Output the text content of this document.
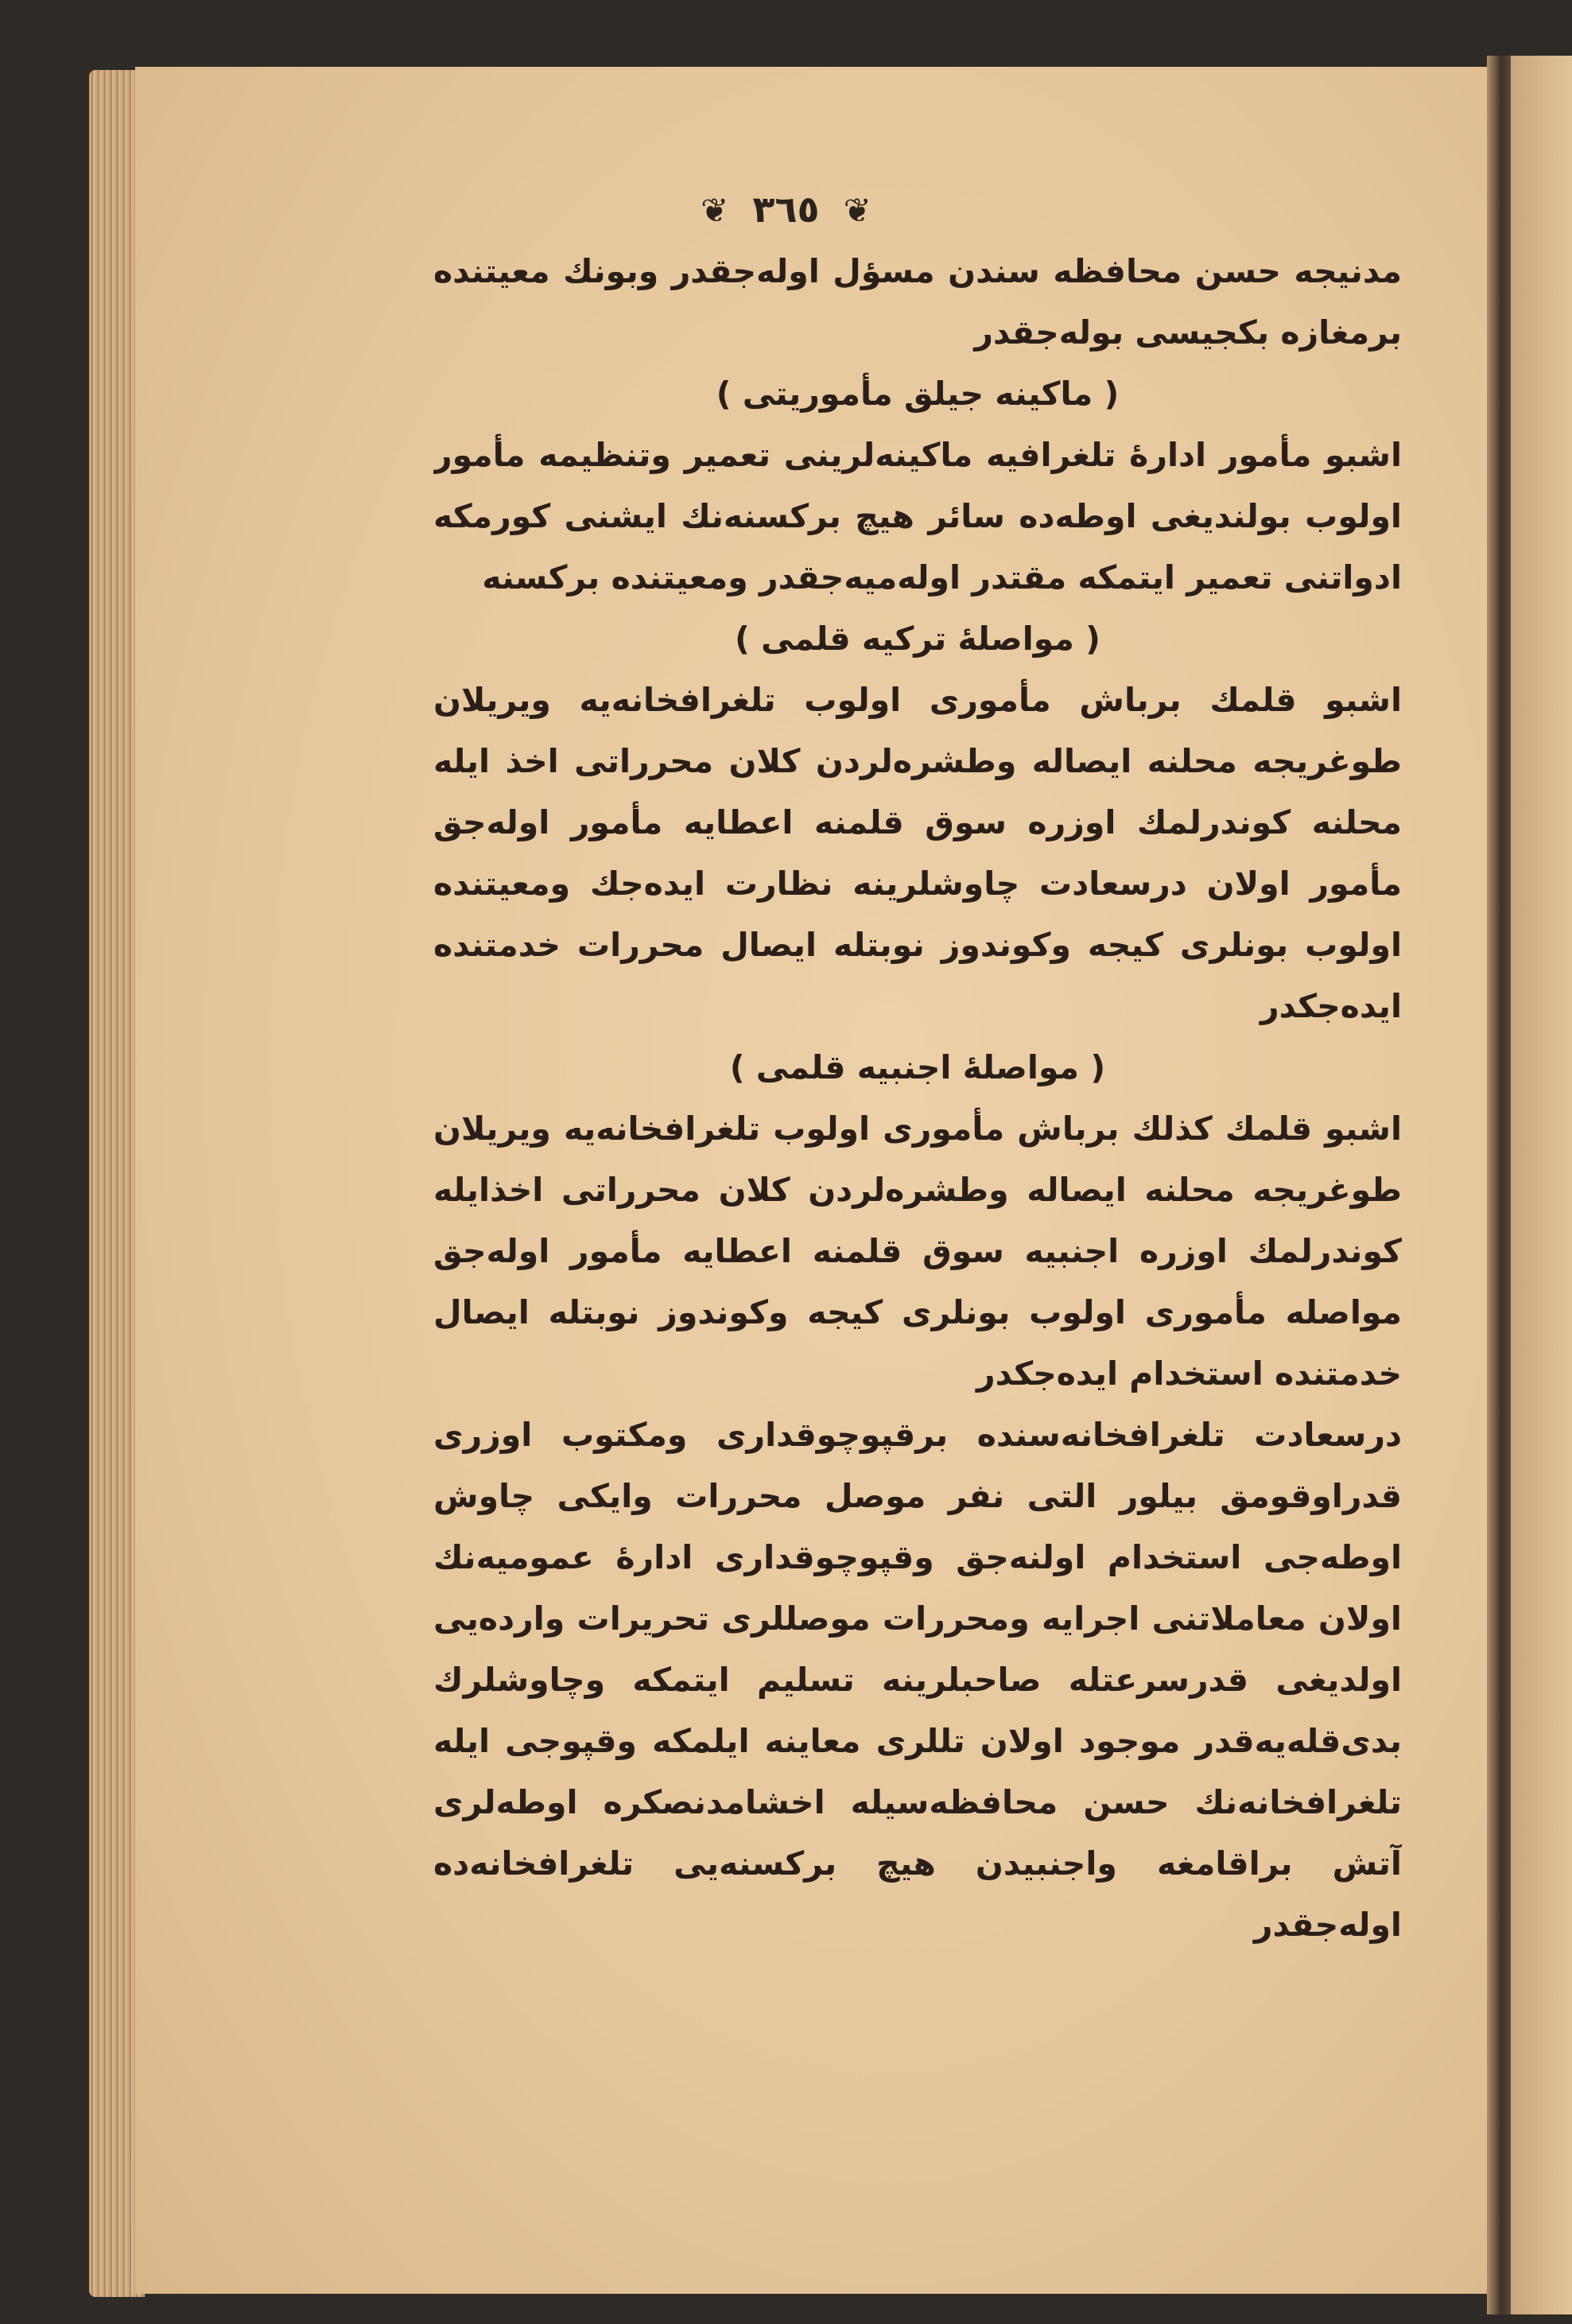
❦ ٣٦٥ ❦
مدنيجه حسن محافظه سندن مسؤل اوله‌جقدر وبونك معيتنده
برمغازه بكجيسى بوله‌جقدر
( ماكينه جيلق مأموريتى )
اشبو مأمور ادارۀ تلغرافيه ماكينه‌لرينى تعمير وتنظيمه مأمور
اولوب بولنديغى اوطه‌ده سائر هيچ بركسنه‌نك ايشنى كورمكه
ادواتنى تعمير ايتمكه مقتدر اوله‌ميه‌جقدر ومعيتنده بركسنه
( مواصلۀ تركيه قلمى )
اشبو قلمك برباش مأمورى اولوب تلغرافخانه‌يه ويريلان
طوغريجه محلنه ايصاله وطشره‌لردن كلان محرراتى اخذ ايله
محلنه كوندرلمك اوزره سوق قلمنه اعطايه مأمور اوله‌جق
مأمور اولان درسعادت چاوشلرينه نظارت ايده‌جك ومعيتنده
اولوب بونلرى كيجه وكوندوز نوبتله ايصال محررات خدمتنده
ايده‌جكدر
( مواصلۀ اجنبيه قلمى )
اشبو قلمك كذلك برباش مأمورى اولوب تلغرافخانه‌يه ويريلان
طوغريجه محلنه ايصاله وطشره‌لردن كلان محرراتى اخذايله
كوندرلمك اوزره اجنبيه سوق قلمنه اعطايه مأمور اوله‌جق
مواصله مأمورى اولوب بونلرى كيجه وكوندوز نوبتله ايصال
خدمتنده استخدام ايده‌جكدر
درسعادت تلغرافخانه‌سنده برقپوچوقدارى ومكتوب اوزرى
قدراوقومق بيلور التى نفر موصل محررات وايكى چاوش
اوطه‌جى استخدام اولنه‌جق وقپوچوقدارى ادارۀ عموميه‌نك
اولان معاملاتنى اجرايه ومحررات موصللرى تحريرات وارده‌يى
اولديغى قدرسرعتله صاحبلرينه تسليم ايتمكه وچاوشلرك
بدى‌قله‌يه‌قدر موجود اولان تللرى معاينه ايلمكه وقپوجى ايله
تلغرافخانه‌نك حسن محافظه‌سيله اخشامدنصكره اوطه‌لرى
آتش براقامغه واجنبيدن هيچ بركسنه‌يى تلغرافخانه‌ده
اوله‌جقدر
